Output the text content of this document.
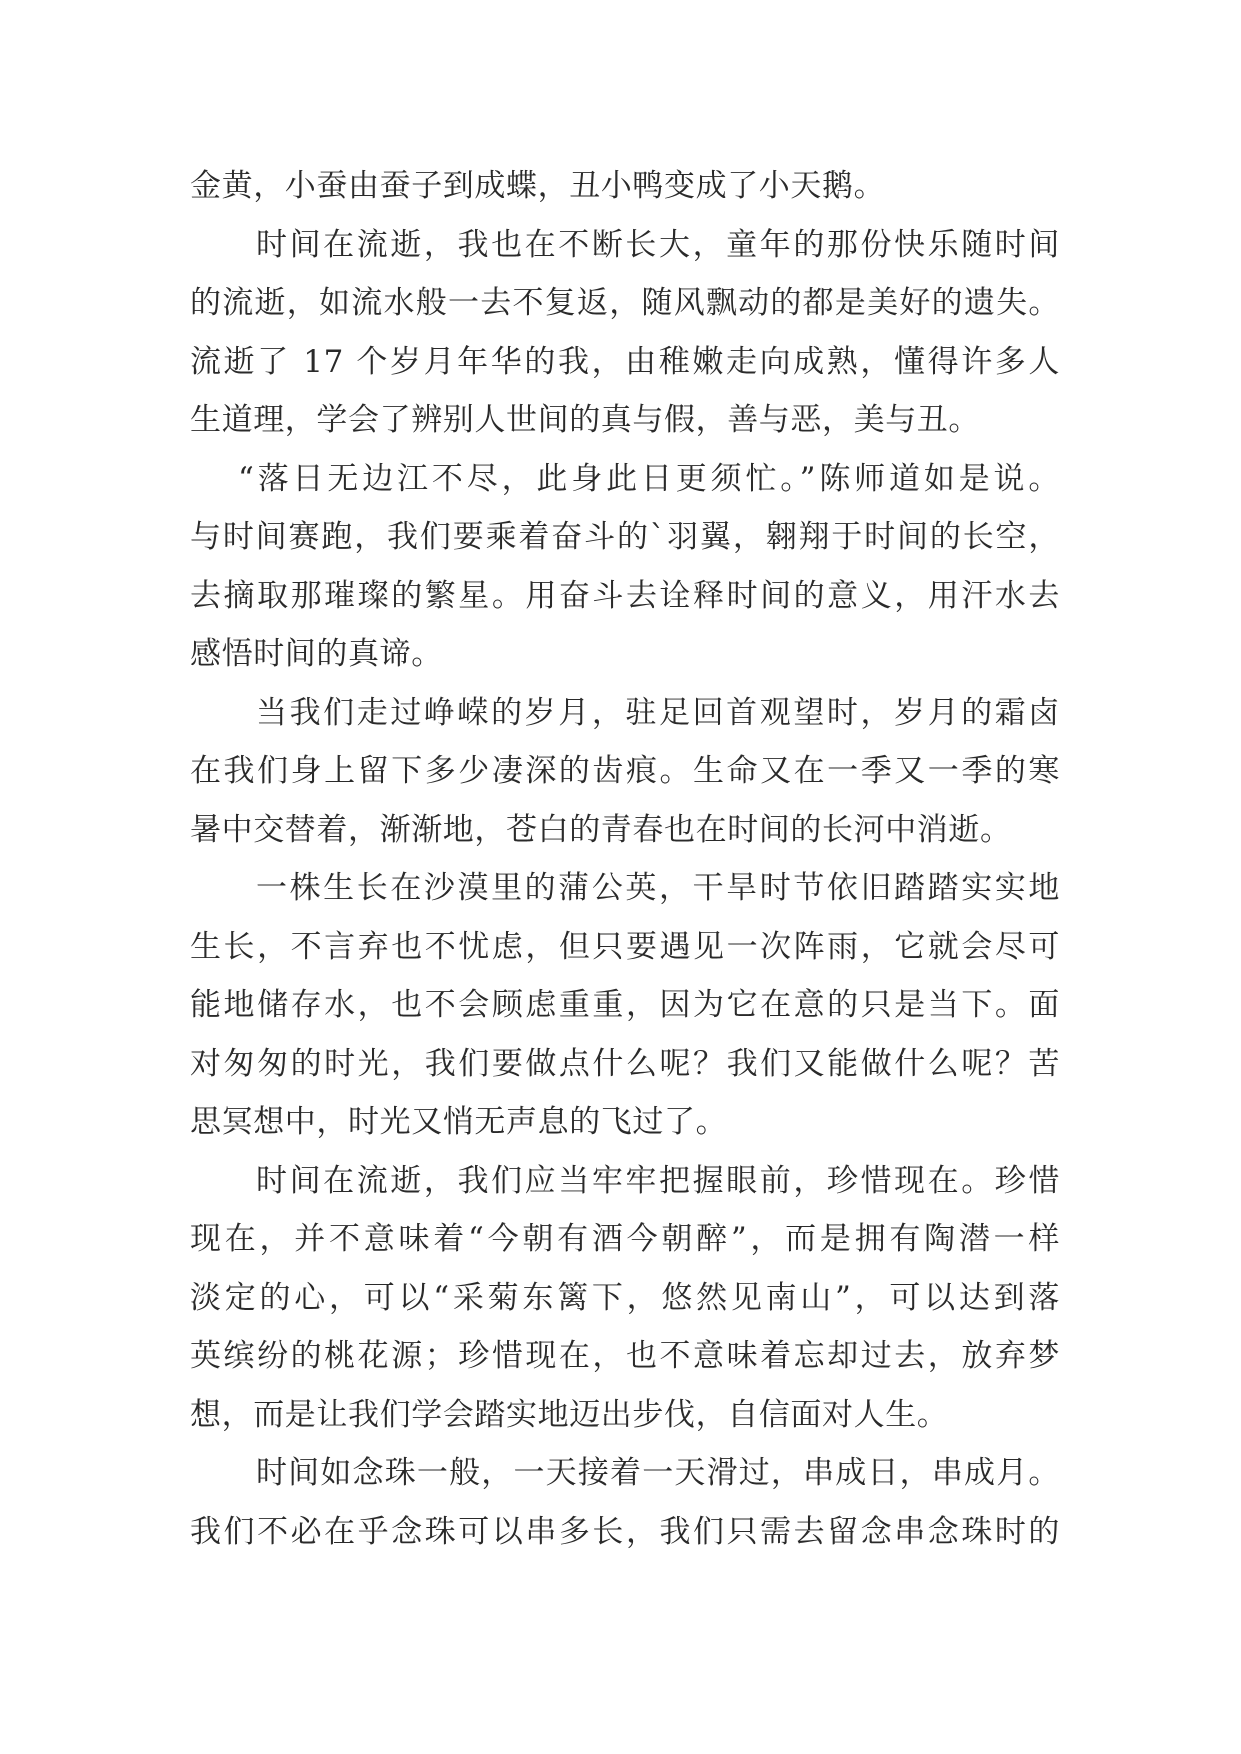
金黄，小蚕由蚕子到成蝶，丑小鸭变成了小天鹅。
时间在流逝，我也在不断长大，童年的那份快乐随时间
的流逝，如流水般一去不复返，随风飘动的都是美好的遗失。
流逝了 17 个岁月年华的我，由稚嫩走向成熟，懂得许多人
生道理，学会了辨别人世间的真与假，善与恶，美与丑。
“落日无边江不尽，此身此日更须忙。”陈师道如是说。
与时间赛跑，我们要乘着奋斗的`羽翼，翱翔于时间的长空，
去摘取那璀璨的繁星。用奋斗去诠释时间的意义，用汗水去
感悟时间的真谛。
当我们走过峥嵘的岁月，驻足回首观望时，岁月的霜卤
在我们身上留下多少凄深的齿痕。生命又在一季又一季的寒
暑中交替着，渐渐地，苍白的青春也在时间的长河中消逝。
一株生长在沙漠里的蒲公英，干旱时节依旧踏踏实实地
生长，不言弃也不忧虑，但只要遇见一次阵雨，它就会尽可
能地储存水，也不会顾虑重重，因为它在意的只是当下。面
对匆匆的时光，我们要做点什么呢？我们又能做什么呢？苦
思冥想中，时光又悄无声息的飞过了。
时间在流逝，我们应当牢牢把握眼前，珍惜现在。珍惜
现在，并不意味着“今朝有酒今朝醉”，而是拥有陶潜一样
淡定的心，可以“采菊东篱下，悠然见南山”，可以达到落
英缤纷的桃花源；珍惜现在，也不意味着忘却过去，放弃梦
想，而是让我们学会踏实地迈出步伐，自信面对人生。
时间如念珠一般，一天接着一天滑过，串成日，串成月。
我们不必在乎念珠可以串多长，我们只需去留念串念珠时的
